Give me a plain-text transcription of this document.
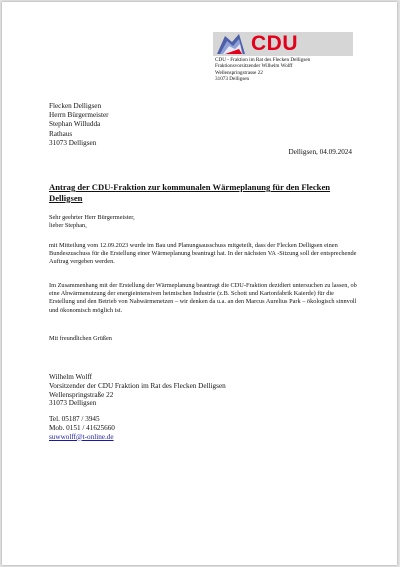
CDU
CDU - Fraktion im Rat des Flecken Delligsen
Fraktionsvorsitzender Wilhelm Wolff
Wellenspringstrasse 22
31073 Delligsen
Flecken Delligsen
Herrn Bürgermeister
Stephan Willudda
Rathaus
31073 Delligsen
Delligsen, 04.09.2024
Antrag der CDU-Fraktion zur kommunalen Wärmeplanung für den Flecken Delligsen
Sehr geehrter Herr Bürgermeister,
lieber Stephan,
mit Mitteilung vom 12.09.2023 wurde im Bau und Planungsausschuss mitgeteilt, dass der Flecken Delligsen einen Bundeszuschuss für die Erstellung einer Wärmeplanung beantragt hat. In der nächsten VA -Sitzung soll der entsprechende Auftrag vergeben werden.
Im Zusammenhang mit der Erstellung der Wärmeplanung beantragt die CDU-Fraktion dezidiert untersuchen zu lassen, ob eine Abwärmenutzung der energieintensiven heimischen Industrie (z.B. Schott und Kartonfabrik Kaierde) für die Erstellung und den Betrieb von Nahwärmenetzen – wir denken da u.a. an den Marcus Aurelius Park – ökologisch sinnvoll und ökonomisch möglich ist.
Mit freundlichen Grüßen
Wilhelm Wolff
Vorsitzender der CDU Fraktion im Rat des Flecken Delligsen
Wellenspringstraße 22
31073 Delligsen
Tel. 05187 / 3945
Mob. 0151 / 41625660
suwwolff@t-online.de
